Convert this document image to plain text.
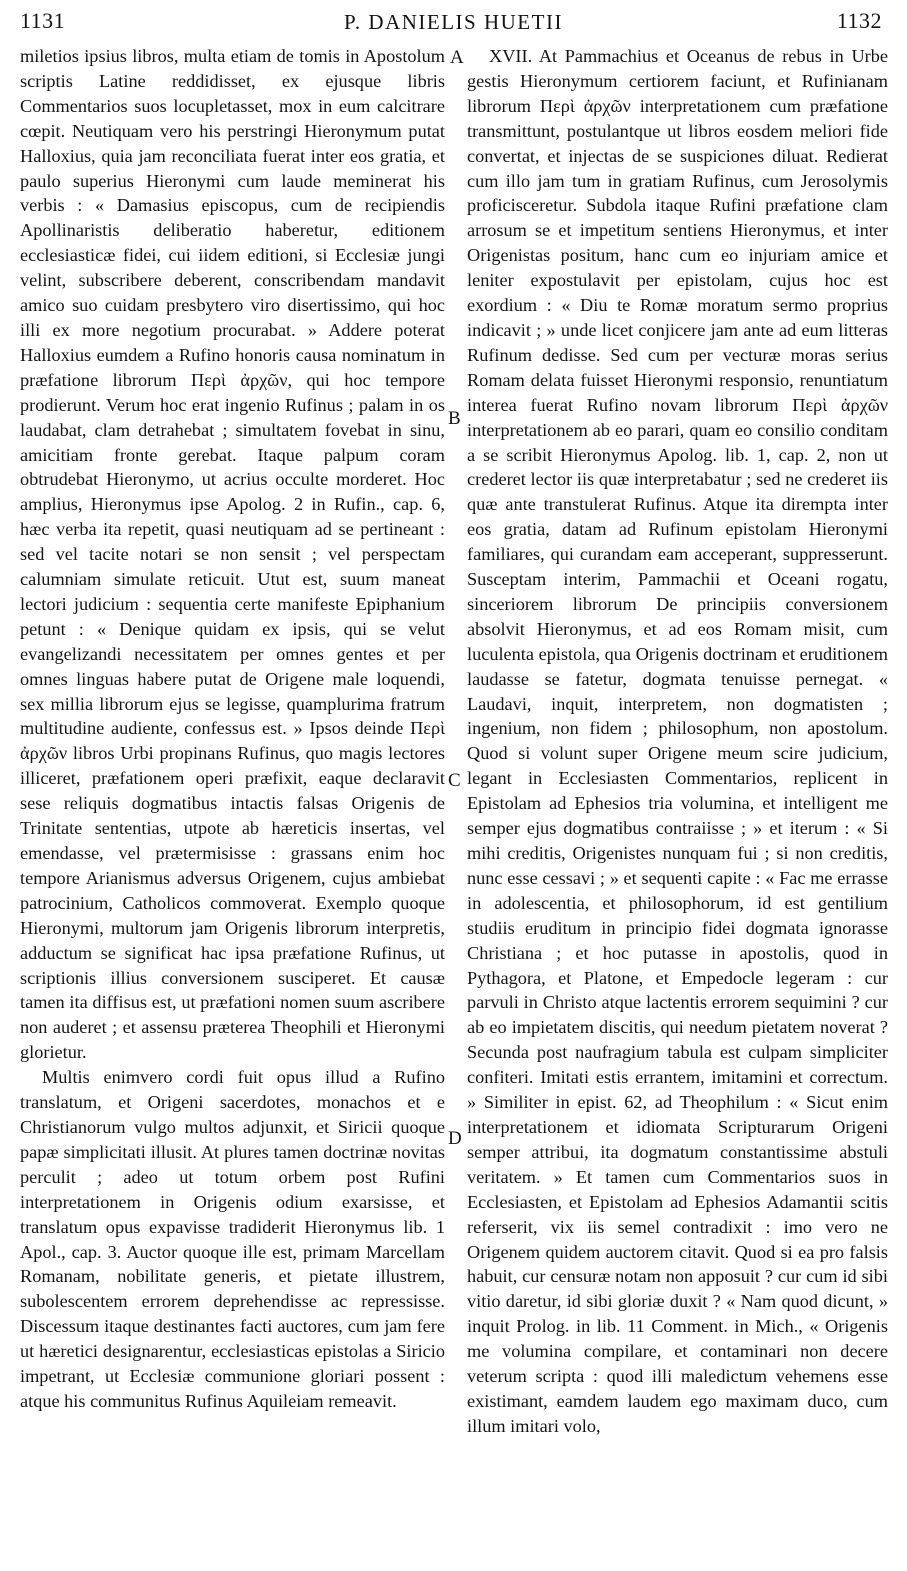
1131	P. DANIELIS HUETII	1132
A
B
C
D

miletios ipsius libros, multa etiam de tomis in Apostolum scriptis Latine reddidisset, ex ejusque libris Commentarios suos locupletasset, mox in eum calcitrare cœpit. Neutiquam vero his perstringi Hieronymum putat Halloxius, quia jam reconciliata fuerat inter eos gratia, et paulo superius Hieronymi cum laude meminerat his verbis : « Damasius episcopus, cum de recipiendis Apollinaristis deliberatio haberetur, editionem ecclesiasticæ fidei, cui iidem editioni, si Ecclesiæ jungi velint, subscribere deberent, conscribendam mandavit amico suo cuidam presbytero viro disertissimo, qui hoc illi ex more negotium procurabat. » Addere poterat Halloxius eumdem a Rufino honoris causa nominatum in præfatione librorum Περὶ ἀρχῶν, qui hoc tempore prodierunt. Verum hoc erat ingenio Rufinus ; palam in os laudabat, clam detrahebat ; simultatem fovebat in sinu, amicitiam fronte gerebat. Itaque palpum coram obtrudebat Hieronymo, ut acrius occulte morderet. Hoc amplius, Hieronymus ipse Apolog. 2 in Rufin., cap. 6, hæc verba ita repetit, quasi neutiquam ad se pertineant : sed vel tacite notari se non sensit ; vel perspectam calumniam simulate reticuit. Utut est, suum maneat lectori judicium : sequentia certe manifeste Epiphanium petunt : « Denique quidam ex ipsis, qui se velut evangelizandi necessitatem per omnes gentes et per omnes linguas habere putat de Origene male loquendi, sex millia librorum ejus se legisse, quamplurima fratrum multitudine audiente, confessus est. » Ipsos deinde Περὶ ἀρχῶν libros Urbi propinans Rufinus, quo magis lectores illiceret, præfationem operi præfixit, eaque declaravit sese reliquis dogmatibus intactis falsas Origenis de Trinitate sententias, utpote ab hæreticis insertas, vel emendasse, vel prætermisisse : grassans enim hoc tempore Arianismus adversus Origenem, cujus ambiebat patrocinium, Catholicos commoverat. Exemplo quoque Hieronymi, multorum jam Origenis librorum interpretis, adductum se significat hac ipsa præfatione Rufinus, ut scriptionis illius conversionem susciperet. Et causæ tamen ita diffisus est, ut præfationi nomen suum ascribere non auderet ; et assensu præterea Theophili et Hieronymi glorietur.

Multis enimvero cordi fuit opus illud a Rufino translatum, et Origeni sacerdotes, monachos et e Christianorum vulgo multos adjunxit, et Siricii quoque papæ simplicitati illusit. At plures tamen doctrinæ novitas perculit ; adeo ut totum orbem post Rufini interpretationem in Origenis odium exarsisse, et translatum opus expavisse tradiderit Hieronymus lib. 1 Apol., cap. 3. Auctor quoque ille est, primam Marcellam Romanam, nobilitate generis, et pietate illustrem, subolescentem errorem deprehendisse ac repressisse. Discessum itaque destinantes facti auctores, cum jam fere ut hæretici designarentur, ecclesiasticas epistolas a Siricio impetrant, ut Ecclesiæ communione gloriari possent : atque his communitus Rufinus Aquileiam remeavit.

XVII. At Pammachius et Oceanus de rebus in Urbe gestis Hieronymum certiorem faciunt, et Rufinianam librorum Περὶ ἀρχῶν interpretationem cum præfatione transmittunt, postulantque ut libros eosdem meliori fide convertat, et injectas de se suspiciones diluat. Redierat cum illo jam tum in gratiam Rufinus, cum Jerosolymis proficisceretur. Subdola itaque Rufini præfatione clam arrosum se et impetitum sentiens Hieronymus, et inter Origenistas positum, hanc cum eo injuriam amice et leniter expostulavit per epistolam, cujus hoc est exordium : « Diu te Romæ moratum sermo proprius indicavit ; » unde licet conjicere jam ante ad eum litteras Rufinum dedisse. Sed cum per vecturæ moras serius Romam delata fuisset Hieronymi responsio, renuntiatum interea fuerat Rufino novam librorum Περὶ ἀρχῶν interpretationem ab eo parari, quam eo consilio conditam a se scribit Hieronymus Apolog. lib. 1, cap. 2, non ut crederet lector iis quæ interpretabatur ; sed ne crederet iis quæ ante transtulerat Rufinus. Atque ita dirempta inter eos gratia, datam ad Rufinum epistolam Hieronymi familiares, qui curandam eam acceperant, suppresserunt. Susceptam interim, Pammachii et Oceani rogatu, sinceriorem librorum De principiis conversionem absolvit Hieronymus, et ad eos Romam misit, cum luculenta epistola, qua Origenis doctrinam et eruditionem laudasse se fatetur, dogmata tenuisse pernegat. « Laudavi, inquit, interpretem, non dogmatisten ; ingenium, non fidem ; philosophum, non apostolum. Quod si volunt super Origene meum scire judicium, legant in Ecclesiasten Commentarios, replicent in Epistolam ad Ephesios tria volumina, et intelligent me semper ejus dogmatibus contraiisse ; » et iterum : « Si mihi creditis, Origenistes nunquam fui ; si non creditis, nunc esse cessavi ; » et sequenti capite : « Fac me errasse in adolescentia, et philosophorum, id est gentilium studiis eruditum in principio fidei dogmata ignorasse Christiana ; et hoc putasse in apostolis, quod in Pythagora, et Platone, et Empedocle legeram : cur parvuli in Christo atque lactentis errorem sequimini ? cur ab eo impietatem discitis, qui needum pietatem noverat ? Secunda post naufragium tabula est culpam simpliciter confiteri. Imitati estis errantem, imitamini et correctum. » Similiter in epist. 62, ad Theophilum : « Sicut enim interpretationem et idiomata Scripturarum Origeni semper attribui, ita dogmatum constantissime abstuli veritatem. » Et tamen cum Commentarios suos in Ecclesiasten, et Epistolam ad Ephesios Adamantii scitis referserit, vix iis semel contradixit : imo vero ne Origenem quidem auctorem citavit. Quod si ea pro falsis habuit, cur censuræ notam non apposuit ? cur cum id sibi vitio daretur, id sibi gloriæ duxit ? « Nam quod dicunt, » inquit Prolog. in lib. 11 Comment. in Mich., « Origenis me volumina compilare, et contaminari non decere veterum scripta : quod illi maledictum vehemens esse existimant, eamdem laudem ego maximam duco, cum illum imitari volo,
